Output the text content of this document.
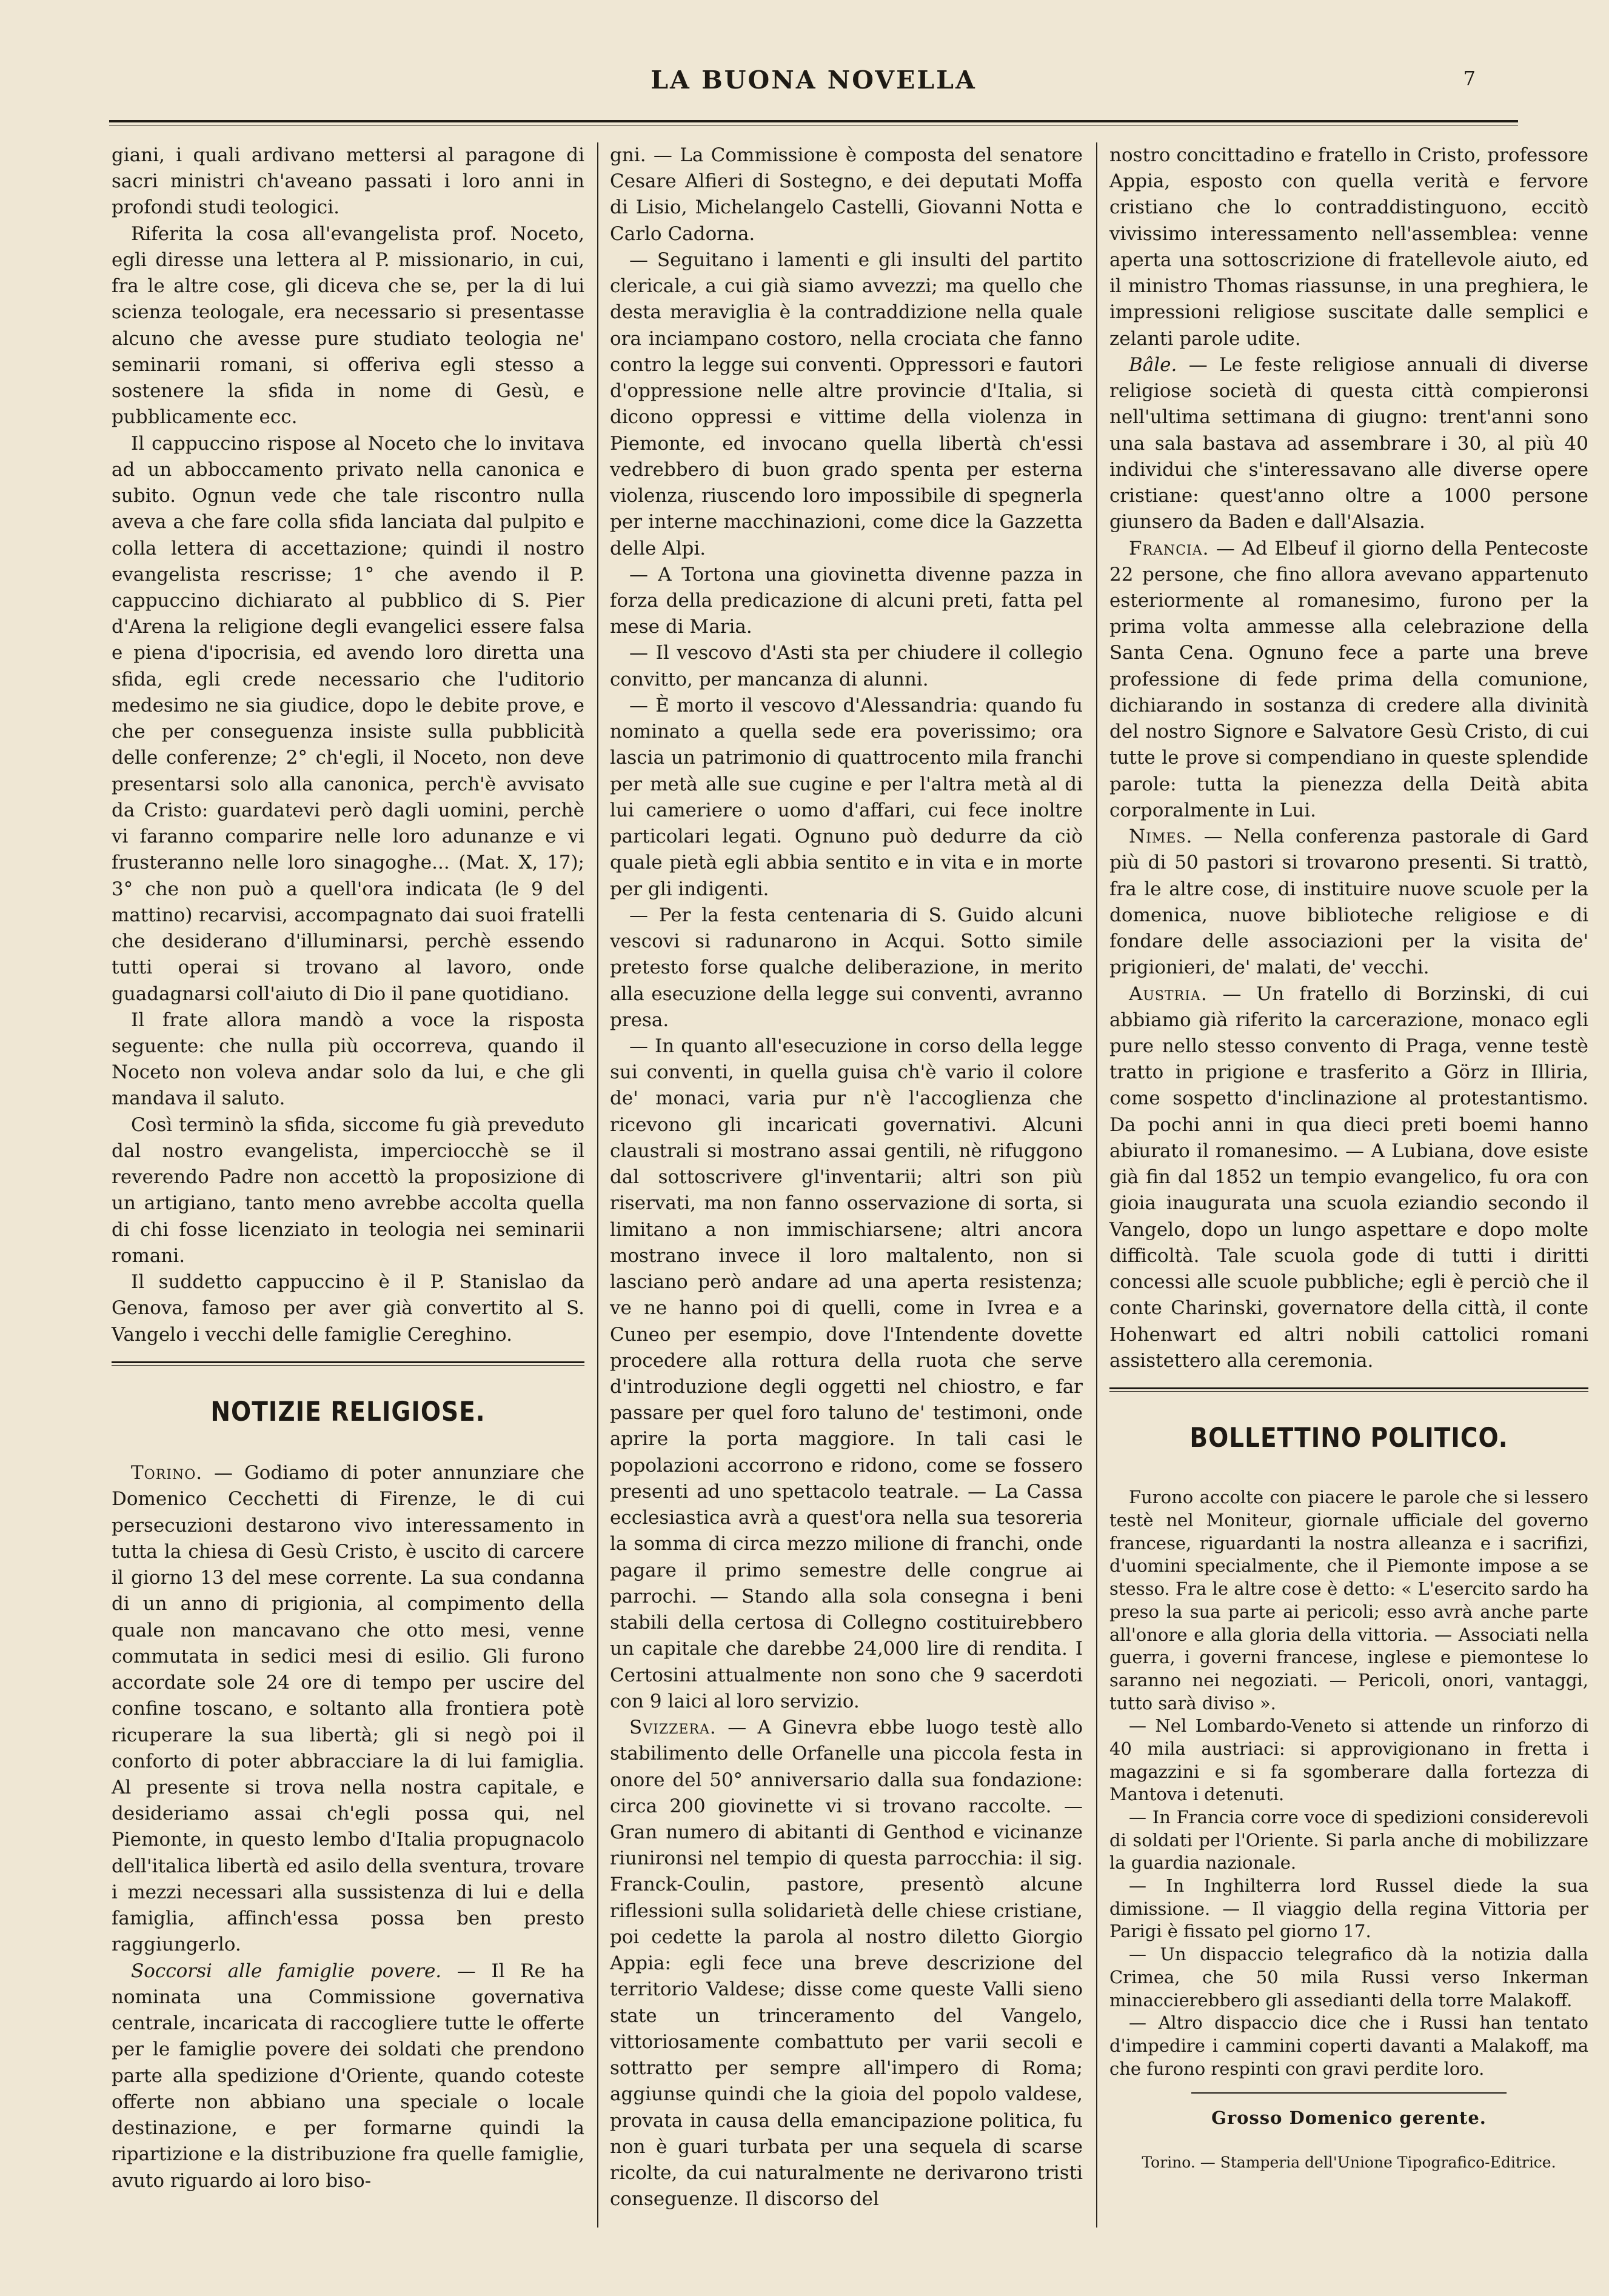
LA BUONA NOVELLA	7

giani, i quali ardivano mettersi al paragone di sacri ministri ch'aveano passati i loro anni in profondi studi teologici.

Riferita la cosa all'evangelista prof. Noceto, egli diresse una lettera al P. missionario, in cui, fra le altre cose, gli diceva che se, per la di lui scienza teologale, era necessario si presentasse alcuno che avesse pure studiato teologia ne' seminarii romani, si offeriva egli stesso a sostenere la sfida in nome di Gesù, e pubblicamente ecc.

Il cappuccino rispose al Noceto che lo invitava ad un abboccamento privato nella canonica e subito. Ognun vede che tale riscontro nulla aveva a che fare colla sfida lanciata dal pulpito e colla lettera di accettazione; quindi il nostro evangelista rescrisse; 1° che avendo il P. cappuccino dichiarato al pubblico di S. Pier d'Arena la religione degli evangelici essere falsa e piena d'ipocrisia, ed avendo loro diretta una sfida, egli crede necessario che l'uditorio medesimo ne sia giudice, dopo le debite prove, e che per conseguenza insiste sulla pubblicità delle conferenze; 2° ch'egli, il Noceto, non deve presentarsi solo alla canonica, perch'è avvisato da Cristo: guardatevi però dagli uomini, perchè vi faranno comparire nelle loro adunanze e vi frusteranno nelle loro sinagoghe... (Mat. X, 17); 3° che non può a quell'ora indicata (le 9 del mattino) recarvisi, accompagnato dai suoi fratelli che desiderano d'illuminarsi, perchè essendo tutti operai si trovano al lavoro, onde guadagnarsi coll'aiuto di Dio il pane quotidiano.

Il frate allora mandò a voce la risposta seguente: che nulla più occorreva, quando il Noceto non voleva andar solo da lui, e che gli mandava il saluto.

Così terminò la sfida, siccome fu già preveduto dal nostro evangelista, imperciocchè se il reverendo Padre non accettò la proposizione di un artigiano, tanto meno avrebbe accolta quella di chi fosse licenziato in teologia nei seminarii romani.

Il suddetto cappuccino è il P. Stanislao da Genova, famoso per aver già convertito al S. Vangelo i vecchi delle famiglie Cereghino.

NOTIZIE RELIGIOSE.

Torino. — Godiamo di poter annunziare che Domenico Cecchetti di Firenze, le di cui persecuzioni destarono vivo interessamento in tutta la chiesa di Gesù Cristo, è uscito di carcere il giorno 13 del mese corrente. La sua condanna di un anno di prigionia, al compimento della quale non mancavano che otto mesi, venne commutata in sedici mesi di esilio. Gli furono accordate sole 24 ore di tempo per uscire del confine toscano, e soltanto alla frontiera potè ricuperare la sua libertà; gli si negò poi il conforto di poter abbracciare la di lui famiglia. Al presente si trova nella nostra capitale, e desideriamo assai ch'egli possa qui, nel Piemonte, in questo lembo d'Italia propugnacolo dell'italica libertà ed asilo della sventura, trovare i mezzi necessari alla sussistenza di lui e della famiglia, affinch'essa possa ben presto raggiungerlo.

Soccorsi alle famiglie povere. — Il Re ha nominata una Commissione governativa centrale, incaricata di raccogliere tutte le offerte per le famiglie povere dei soldati che prendono parte alla spedizione d'Oriente, quando coteste offerte non abbiano una speciale o locale destinazione, e per formarne quindi la ripartizione e la distribuzione fra quelle famiglie, avuto riguardo ai loro biso-

gni. — La Commissione è composta del senatore Cesare Alfieri di Sostegno, e dei deputati Moffa di Lisio, Michelangelo Castelli, Giovanni Notta e Carlo Cadorna.

— Seguitano i lamenti e gli insulti del partito clericale, a cui già siamo avvezzi; ma quello che desta meraviglia è la contraddizione nella quale ora inciampano costoro, nella crociata che fanno contro la legge sui conventi. Oppressori e fautori d'oppressione nelle altre provincie d'Italia, si dicono oppressi e vittime della violenza in Piemonte, ed invocano quella libertà ch'essi vedrebbero di buon grado spenta per esterna violenza, riuscendo loro impossibile di spegnerla per interne macchinazioni, come dice la Gazzetta delle Alpi.

— A Tortona una giovinetta divenne pazza in forza della predicazione di alcuni preti, fatta pel mese di Maria.

— Il vescovo d'Asti sta per chiudere il collegio convitto, per mancanza di alunni.

— È morto il vescovo d'Alessandria: quando fu nominato a quella sede era poverissimo; ora lascia un patrimonio di quattrocento mila franchi per metà alle sue cugine e per l'altra metà al di lui cameriere o uomo d'affari, cui fece inoltre particolari legati. Ognuno può dedurre da ciò quale pietà egli abbia sentito e in vita e in morte per gli indigenti.

— Per la festa centenaria di S. Guido alcuni vescovi si radunarono in Acqui. Sotto simile pretesto forse qualche deliberazione, in merito alla esecuzione della legge sui conventi, avranno presa.

— In quanto all'esecuzione in corso della legge sui conventi, in quella guisa ch'è vario il colore de' monaci, varia pur n'è l'accoglienza che ricevono gli incaricati governativi. Alcuni claustrali si mostrano assai gentili, nè rifuggono dal sottoscrivere gl'inventarii; altri son più riservati, ma non fanno osservazione di sorta, si limitano a non immischiarsene; altri ancora mostrano invece il loro maltalento, non si lasciano però andare ad una aperta resistenza; ve ne hanno poi di quelli, come in Ivrea e a Cuneo per esempio, dove l'Intendente dovette procedere alla rottura della ruota che serve d'introduzione degli oggetti nel chiostro, e far passare per quel foro taluno de' testimoni, onde aprire la porta maggiore. In tali casi le popolazioni accorrono e ridono, come se fossero presenti ad uno spettacolo teatrale. — La Cassa ecclesiastica avrà a quest'ora nella sua tesoreria la somma di circa mezzo milione di franchi, onde pagare il primo semestre delle congrue ai parrochi. — Stando alla sola consegna i beni stabili della certosa di Collegno costituirebbero un capitale che darebbe 24,000 lire di rendita. I Certosini attualmente non sono che 9 sacerdoti con 9 laici al loro servizio.

Svizzera. — A Ginevra ebbe luogo testè allo stabilimento delle Orfanelle una piccola festa in onore del 50° anniversario dalla sua fondazione: circa 200 giovinette vi si trovano raccolte. — Gran numero di abitanti di Genthod e vicinanze riunironsi nel tempio di questa parrocchia: il sig. Franck-Coulin, pastore, presentò alcune riflessioni sulla solidarietà delle chiese cristiane, poi cedette la parola al nostro diletto Giorgio Appia: egli fece una breve descrizione del territorio Valdese; disse come queste Valli sieno state un trinceramento del Vangelo, vittoriosamente combattuto per varii secoli e sottratto per sempre all'impero di Roma; aggiunse quindi che la gioia del popolo valdese, provata in causa della emancipazione politica, fu non è guari turbata per una sequela di scarse ricolte, da cui naturalmente ne derivarono tristi conseguenze. Il discorso del

nostro concittadino e fratello in Cristo, professore Appia, esposto con quella verità e fervore cristiano che lo contraddistinguono, eccitò vivissimo interessamento nell'assemblea: venne aperta una sottoscrizione di fratellevole aiuto, ed il ministro Thomas riassunse, in una preghiera, le impressioni religiose suscitate dalle semplici e zelanti parole udite.

Bâle. — Le feste religiose annuali di diverse religiose società di questa città compieronsi nell'ultima settimana di giugno: trent'anni sono una sala bastava ad assembrare i 30, al più 40 individui che s'interessavano alle diverse opere cristiane: quest'anno oltre a 1000 persone giunsero da Baden e dall'Alsazia.

Francia. — Ad Elbeuf il giorno della Pentecoste 22 persone, che fino allora avevano appartenuto esteriormente al romanesimo, furono per la prima volta ammesse alla celebrazione della Santa Cena. Ognuno fece a parte una breve professione di fede prima della comunione, dichiarando in sostanza di credere alla divinità del nostro Signore e Salvatore Gesù Cristo, di cui tutte le prove si compendiano in queste splendide parole: tutta la pienezza della Deità abita corporalmente in Lui.

Nimes. — Nella conferenza pastorale di Gard più di 50 pastori si trovarono presenti. Si trattò, fra le altre cose, di instituire nuove scuole per la domenica, nuove biblioteche religiose e di fondare delle associazioni per la visita de' prigionieri, de' malati, de' vecchi.

Austria. — Un fratello di Borzinski, di cui abbiamo già riferito la carcerazione, monaco egli pure nello stesso convento di Praga, venne testè tratto in prigione e trasferito a Görz in Illiria, come sospetto d'inclinazione al protestantismo. Da pochi anni in qua dieci preti boemi hanno abiurato il romanesimo. — A Lubiana, dove esiste già fin dal 1852 un tempio evangelico, fu ora con gioia inaugurata una scuola eziandio secondo il Vangelo, dopo un lungo aspettare e dopo molte difficoltà. Tale scuola gode di tutti i diritti concessi alle scuole pubbliche; egli è perciò che il conte Charinski, governatore della città, il conte Hohenwart ed altri nobili cattolici romani assistettero alla ceremonia.

BOLLETTINO POLITICO.

Furono accolte con piacere le parole che si lessero testè nel Moniteur, giornale ufficiale del governo francese, riguardanti la nostra alleanza e i sacrifizi, d'uomini specialmente, che il Piemonte impose a se stesso. Fra le altre cose è detto: « L'esercito sardo ha preso la sua parte ai pericoli; esso avrà anche parte all'onore e alla gloria della vittoria. — Associati nella guerra, i governi francese, inglese e piemontese lo saranno nei negoziati. — Pericoli, onori, vantaggi, tutto sarà diviso ».

— Nel Lombardo-Veneto si attende un rinforzo di 40 mila austriaci: si approvigionano in fretta i magazzini e si fa sgomberare dalla fortezza di Mantova i detenuti.

— In Francia corre voce di spedizioni considerevoli di soldati per l'Oriente. Si parla anche di mobilizzare la guardia nazionale.

— In Inghilterra lord Russel diede la sua dimissione. — Il viaggio della regina Vittoria per Parigi è fissato pel giorno 17.

— Un dispaccio telegrafico dà la notizia dalla Crimea, che 50 mila Russi verso Inkerman minaccierebbero gli assedianti della torre Malakoff.

— Altro dispaccio dice che i Russi han tentato d'impedire i cammini coperti davanti a Malakoff, ma che furono respinti con gravi perdite loro.

Grosso Domenico gerente.
Torino. — Stamperia dell'Unione Tipografico-Editrice.
